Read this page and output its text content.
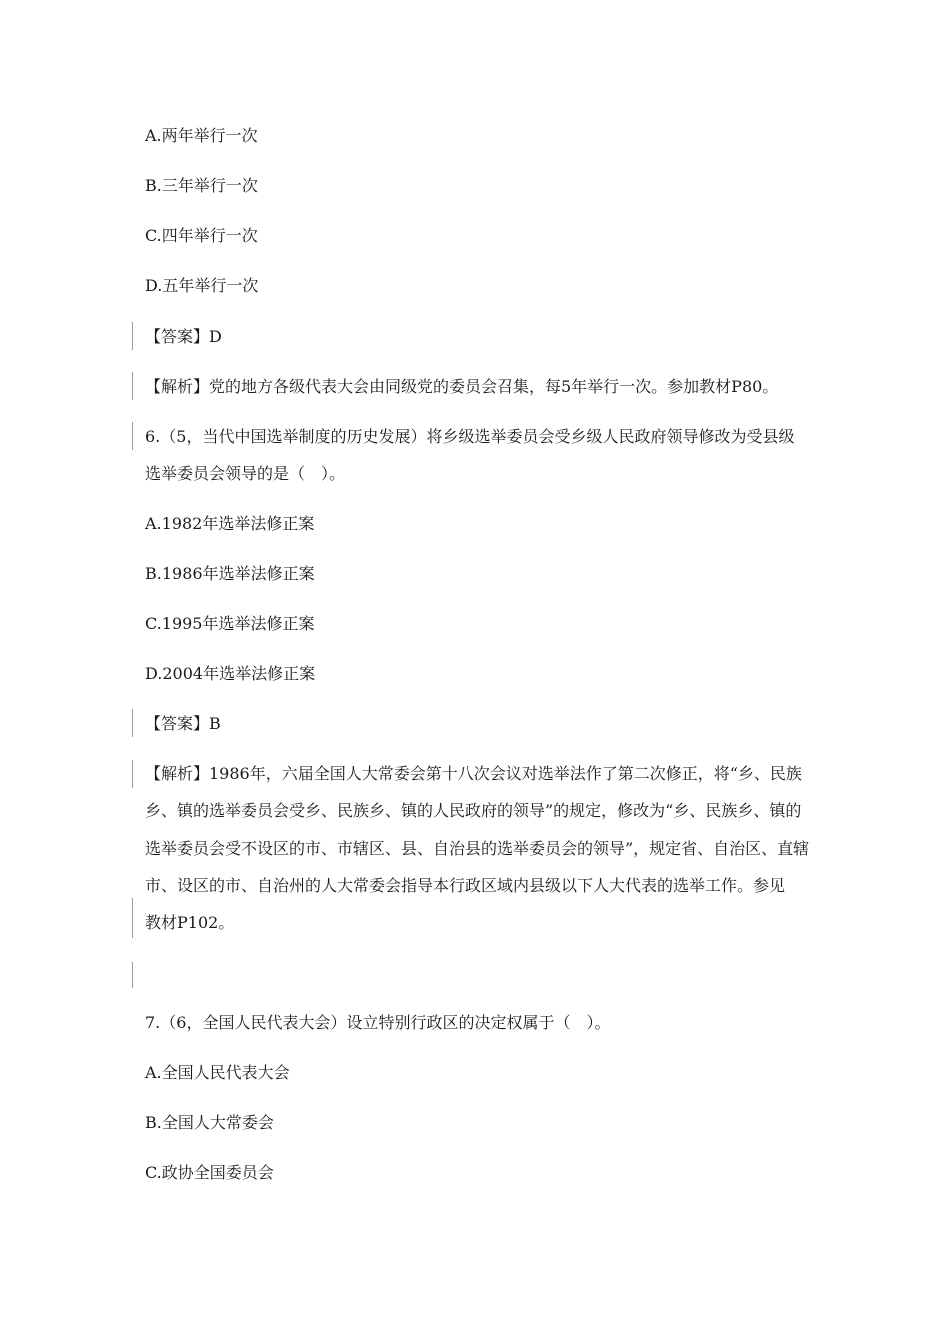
A.两年举行一次
B.三年举行一次
C.四年举行一次
D.五年举行一次
【答案】D
【解析】党的地方各级代表大会由同级党的委员会召集，每5年举行一次。参加教材P80。
6.（5，当代中国选举制度的历史发展）将乡级选举委员会受乡级人民政府领导修改为受县级
选举委员会领导的是（　）。
A.1982年选举法修正案
B.1986年选举法修正案
C.1995年选举法修正案
D.2004年选举法修正案
【答案】B
【解析】1986年，六届全国人大常委会第十八次会议对选举法作了第二次修正，将“乡、民族
乡、镇的选举委员会受乡、民族乡、镇的人民政府的领导”的规定，修改为“乡、民族乡、镇的
选举委员会受不设区的市、市辖区、县、自治县的选举委员会的领导”，规定省、自治区、直辖
市、设区的市、自治州的人大常委会指导本行政区域内县级以下人大代表的选举工作。参见
教材P102。
7.（6，全国人民代表大会）设立特别行政区的决定权属于（　）。
A.全国人民代表大会
B.全国人大常委会
C.政协全国委员会
